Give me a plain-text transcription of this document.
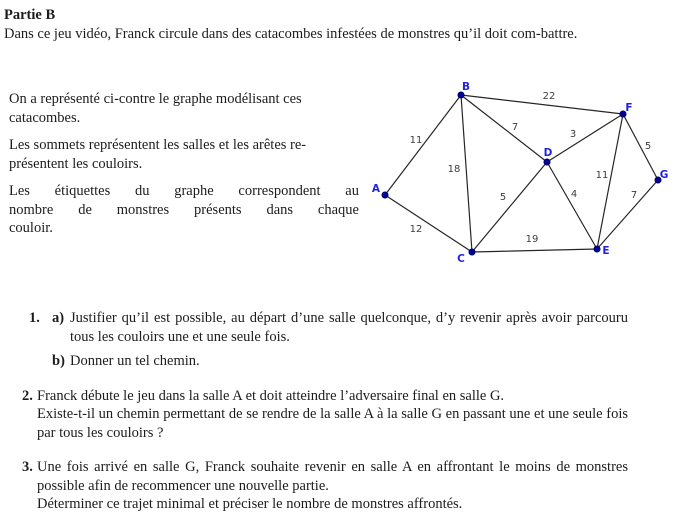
Partie B

Dans ce jeu vidéo, Franck circule dans des catacombes infestées de monstres qu’il doit com-battre.

On a représenté ci-contre le graphe modélisant ces catacombes.

Les sommets représentent les salles et les arêtes re-présentent les couloirs.

Les étiquettes du graphe correspondent au nombre de monstres présents dans chaque couloir.

11
12
18
7
22
5
19
4
3
11
7
5
A
B
C
D
E
F
G
1. a) Justifier qu’il est possible, au départ d’une salle quelconque, d’y revenir après avoir parcouru tous les couloirs une et une seule fois.
b) Donner un tel chemin.
2. Franck débute le jeu dans la salle A et doit atteindre l’adversaire final en salle G.
Existe-t-il un chemin permettant de se rendre de la salle A à la salle G en passant une et une seule fois par tous les couloirs ?
3. Une fois arrivé en salle G, Franck souhaite revenir en salle A en affrontant le moins de monstres possible afin de recommencer une nouvelle partie.
Déterminer ce trajet minimal et préciser le nombre de monstres affrontés.
